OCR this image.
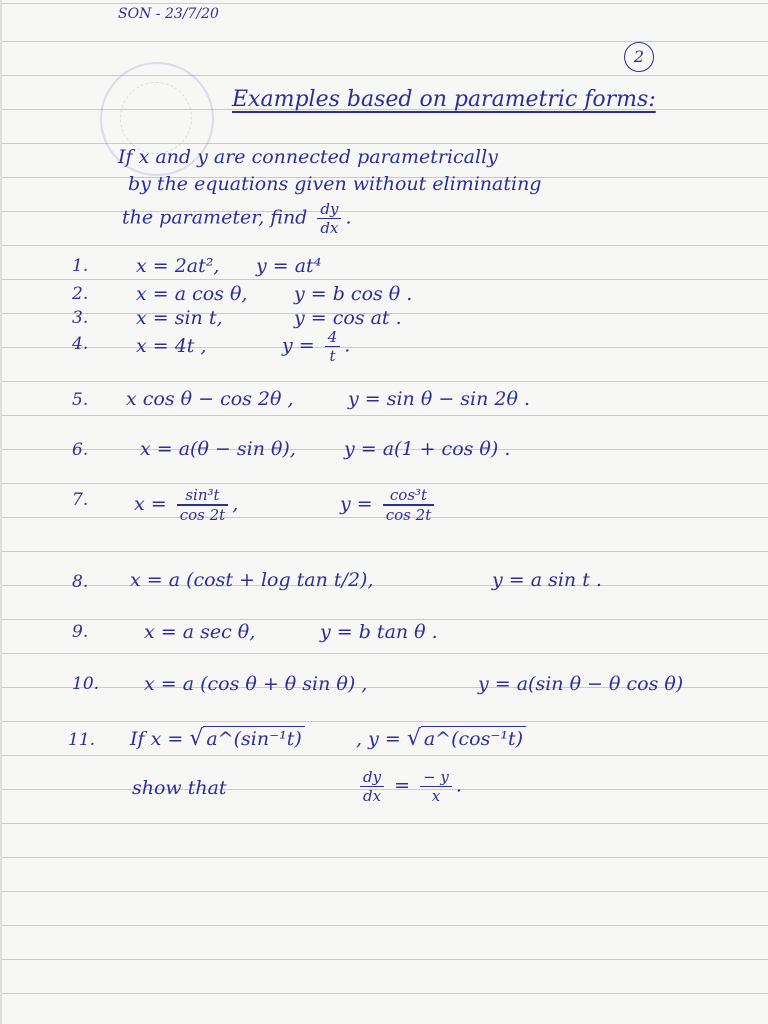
SON - 23/7/20
2
Examples based on parametric forms:
If x and y are connected parametrically
by the equations given without eliminating
the parameter, find $\frac{dy}{dx}$ .
1.	x = 2at², y = at⁴
2.	x = a cos θ, y = b cos θ .
3.	x = sin t,	y = cos at .
4.	x = 4t ,	$y = \frac{4}{t}$ .
5. x cos θ − cos 2θ ,	y = sin θ − sin 2θ .
6.	x = a(θ − sin θ),	y = a(1 + cos θ) .
7. $x = \frac{\text{sin³t}}{\cos 2t}$ ,	$y = \frac{\text{cos³t}}{\cos 2t}$
8. x = a (cost + log tan t/2),	y = a sin t .
9.	x = a sec θ,	y = b tan θ .
10. x = a (cos θ + θ sin θ) ,	y = a(sin θ − θ cos θ)
11. If x = √ a^(sin⁻¹t)	, y = √ a^(cos⁻¹t)
show that	$\frac{dy}{dx} = \frac{- y}{x}$ .
